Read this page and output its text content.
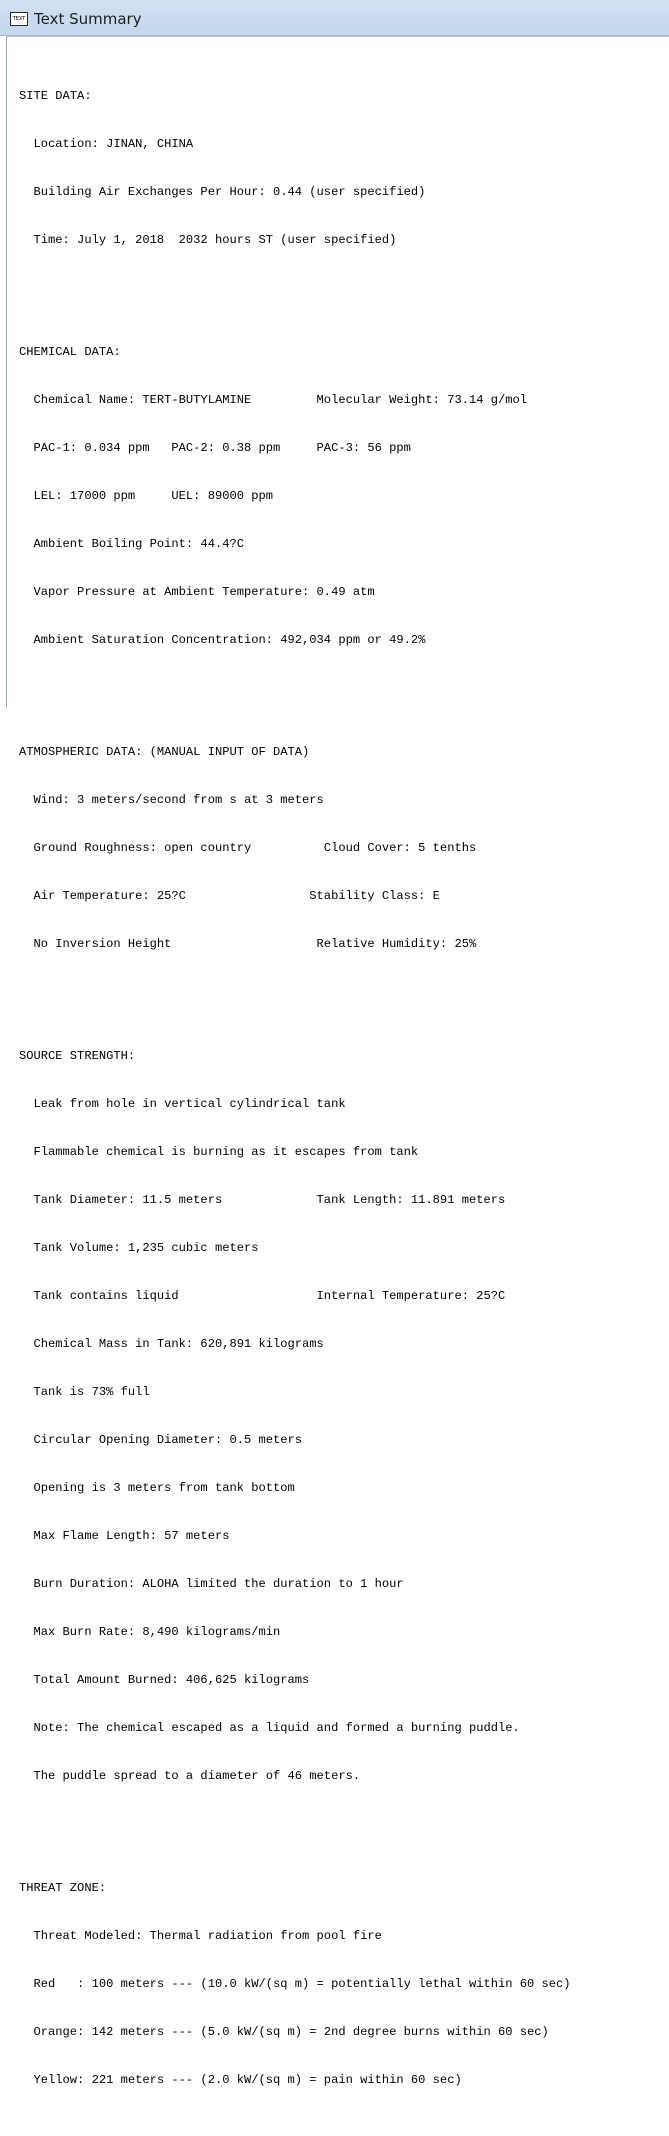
TEXT Text Summary

SITE DATA:

Location: JINAN, CHINA

Building Air Exchanges Per Hour: 0.44 (user specified)

Time: July 1, 2018  2032 hours ST (user specified)

CHEMICAL DATA:

Chemical Name: TERT-BUTYLAMINE         Molecular Weight: 73.14 g/mol

PAC-1: 0.034 ppm   PAC-2: 0.38 ppm     PAC-3: 56 ppm

LEL: 17000 ppm     UEL: 89000 ppm

Ambient Boiling Point: 44.4?C

Vapor Pressure at Ambient Temperature: 0.49 atm

Ambient Saturation Concentration: 492,034 ppm or 49.2%

ATMOSPHERIC DATA: (MANUAL INPUT OF DATA)

Wind: 3 meters/second from s at 3 meters

Ground Roughness: open country          Cloud Cover: 5 tenths

Air Temperature: 25?C                 Stability Class: E

No Inversion Height                    Relative Humidity: 25%

SOURCE STRENGTH:

Leak from hole in vertical cylindrical tank

Flammable chemical is burning as it escapes from tank

Tank Diameter: 11.5 meters             Tank Length: 11.891 meters

Tank Volume: 1,235 cubic meters

Tank contains liquid                   Internal Temperature: 25?C

Chemical Mass in Tank: 620,891 kilograms

Tank is 73% full

Circular Opening Diameter: 0.5 meters

Opening is 3 meters from tank bottom

Max Flame Length: 57 meters

Burn Duration: ALOHA limited the duration to 1 hour

Max Burn Rate: 8,490 kilograms/min

Total Amount Burned: 406,625 kilograms

Note: The chemical escaped as a liquid and formed a burning puddle.

The puddle spread to a diameter of 46 meters.

THREAT ZONE:

Threat Modeled: Thermal radiation from pool fire

Red   : 100 meters --- (10.0 kW/(sq m) = potentially lethal within 60 sec)

Orange: 142 meters --- (5.0 kW/(sq m) = 2nd degree burns within 60 sec)

Yellow: 221 meters --- (2.0 kW/(sq m) = pain within 60 sec)
